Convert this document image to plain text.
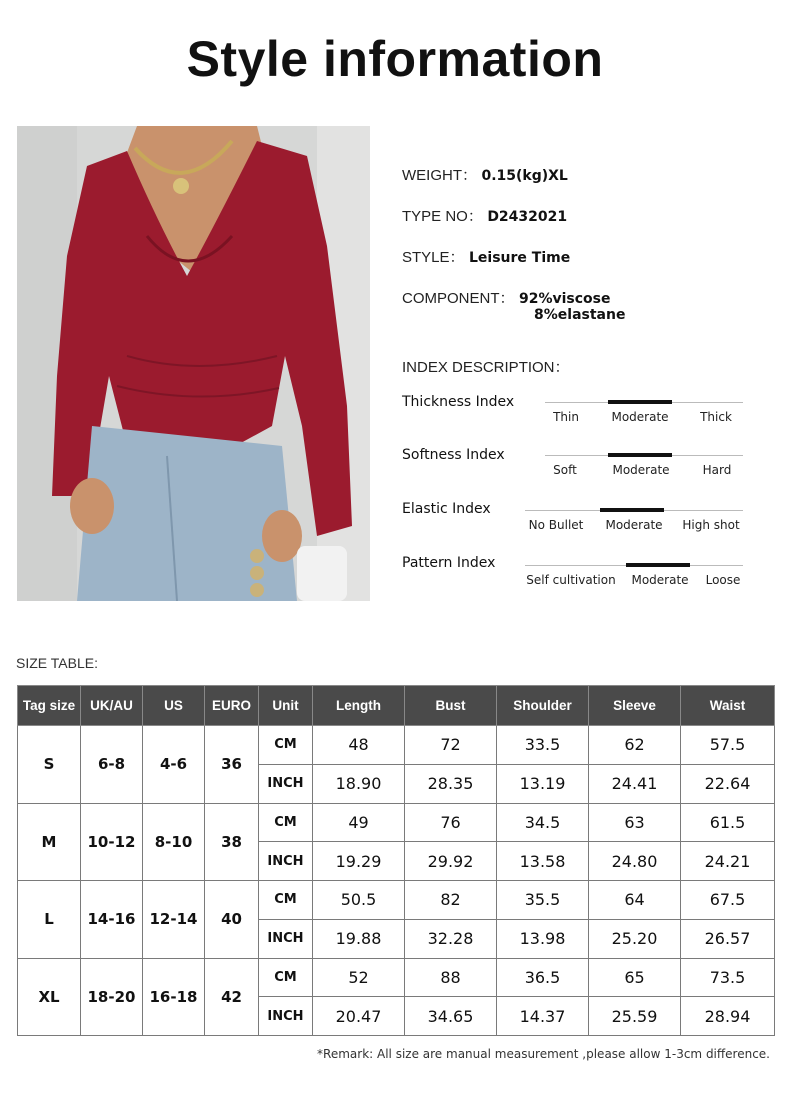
Style information
WEIGHT： 0.15(kg)XL
TYPE NO： D2432021
STYLE： Leisure Time
COMPONENT： 92%viscose
8%elastane
INDEX DESCRIPTION：
Thickness Index
Thin	Moderate	Thick
Softness Index
Soft	Moderate	Hard
Elastic Index
No Bullet Moderate High shot
Pattern Index
Self cultivation Moderate Loose
SIZE TABLE:
Tag size	UK/AU	US	EURO	Unit	Length	Bust	Shoulder	Sleeve	Waist
S	6-8	4-6	36	CM	48	72	33.5	62	57.5
				INCH	18.90	28.35	13.19	24.41	22.64
M	10-12	8-10	38	CM	49	76	34.5	63	61.5
				INCH	19.29	29.92	13.58	24.80	24.21
L	14-16	12-14	40	CM	50.5	82	35.5	64	67.5
				INCH	19.88	32.28	13.98	25.20	26.57
XL	18-20	16-18	42	CM	52	88	36.5	65	73.5
				INCH	20.47	34.65	14.37	25.59	28.94
*Remark: All size are manual measurement ,please allow 1-3cm difference.
